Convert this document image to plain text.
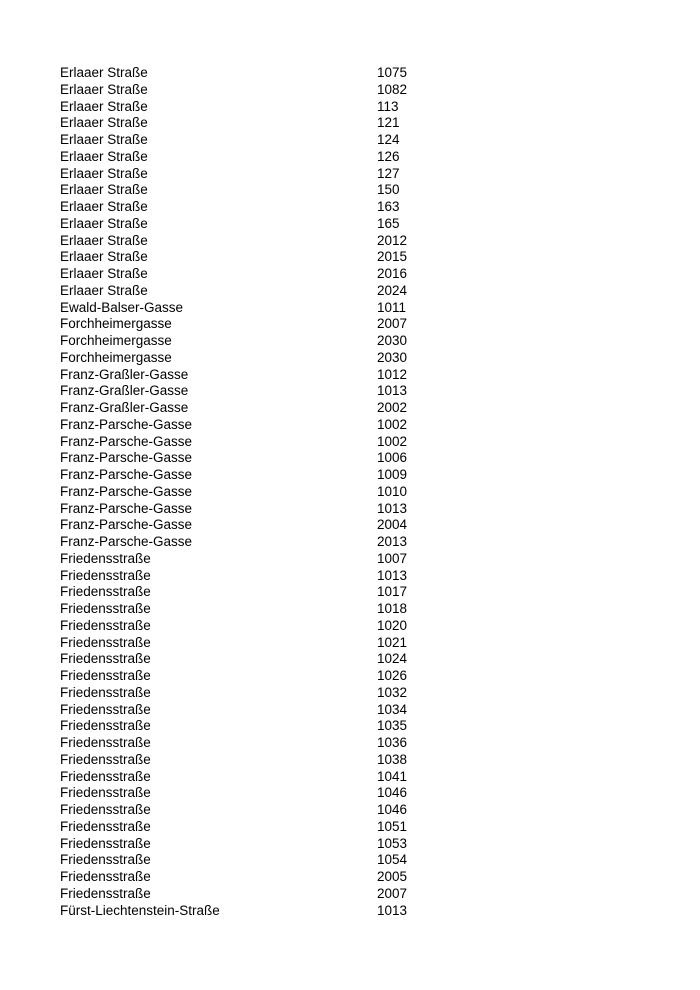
Erlaaer Straße	1075
Erlaaer Straße	1082
Erlaaer Straße	113
Erlaaer Straße	121
Erlaaer Straße	124
Erlaaer Straße	126
Erlaaer Straße	127
Erlaaer Straße	150
Erlaaer Straße	163
Erlaaer Straße	165
Erlaaer Straße	2012
Erlaaer Straße	2015
Erlaaer Straße	2016
Erlaaer Straße	2024
Ewald-Balser-Gasse	1011
Forchheimergasse	2007
Forchheimergasse	2030
Forchheimergasse	2030
Franz-Graßler-Gasse	1012
Franz-Graßler-Gasse	1013
Franz-Graßler-Gasse	2002
Franz-Parsche-Gasse	1002
Franz-Parsche-Gasse	1002
Franz-Parsche-Gasse	1006
Franz-Parsche-Gasse	1009
Franz-Parsche-Gasse	1010
Franz-Parsche-Gasse	1013
Franz-Parsche-Gasse	2004
Franz-Parsche-Gasse	2013
Friedensstraße	1007
Friedensstraße	1013
Friedensstraße	1017
Friedensstraße	1018
Friedensstraße	1020
Friedensstraße	1021
Friedensstraße	1024
Friedensstraße	1026
Friedensstraße	1032
Friedensstraße	1034
Friedensstraße	1035
Friedensstraße	1036
Friedensstraße	1038
Friedensstraße	1041
Friedensstraße	1046
Friedensstraße	1046
Friedensstraße	1051
Friedensstraße	1053
Friedensstraße	1054
Friedensstraße	2005
Friedensstraße	2007
Fürst-Liechtenstein-Straße	1013
